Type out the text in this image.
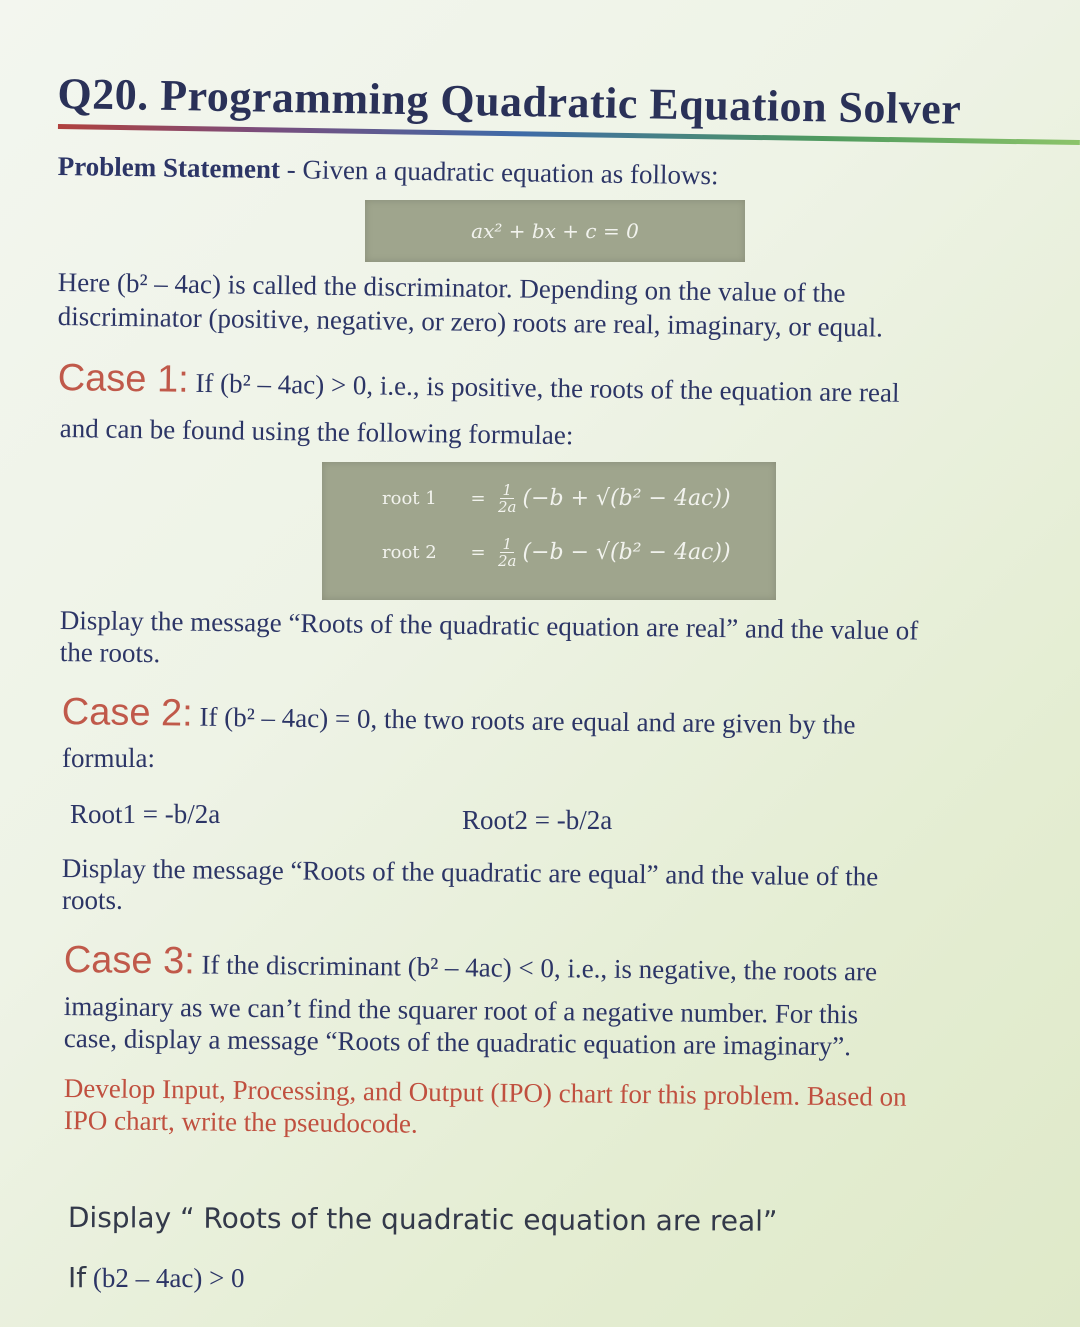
Q20. Programming Quadratic Equation Solver

Problem Statement - Given a quadratic equation as follows:

ax² + bx + c = 0

Here (b² – 4ac) is called the discriminator. Depending on the value of the

discriminator (positive, negative, or zero) roots are real, imaginary, or equal.

Case 1: If (b² – 4ac) > 0, i.e., is positive, the roots of the equation are real

and can be found using the following formulae:

root 1	= $\frac{1}{2a} (-b + √(b^2 - 4ac))$
root 2	= $\frac{1}{2a} (-b - √(b^2 - 4ac))$

Display the message “Roots of the quadratic equation are real” and the value of

the roots.

Case 2: If (b² – 4ac) = 0, the two roots are equal and are given by the

formula:

Root1 = -b/2a	Root2 = -b/2a

Display the message “Roots of the quadratic are equal” and the value of the

roots.

Case 3: If the discriminant (b² – 4ac) < 0, i.e., is negative, the roots are

imaginary as we can’t find the squarer root of a negative number. For this

case, display a message “Roots of the quadratic equation are imaginary”.

Develop Input, Processing, and Output (IPO) chart for this problem. Based on

IPO chart, write the pseudocode.

Display “ Roots of the quadratic equation are real”

If (b2 – 4ac) > 0
